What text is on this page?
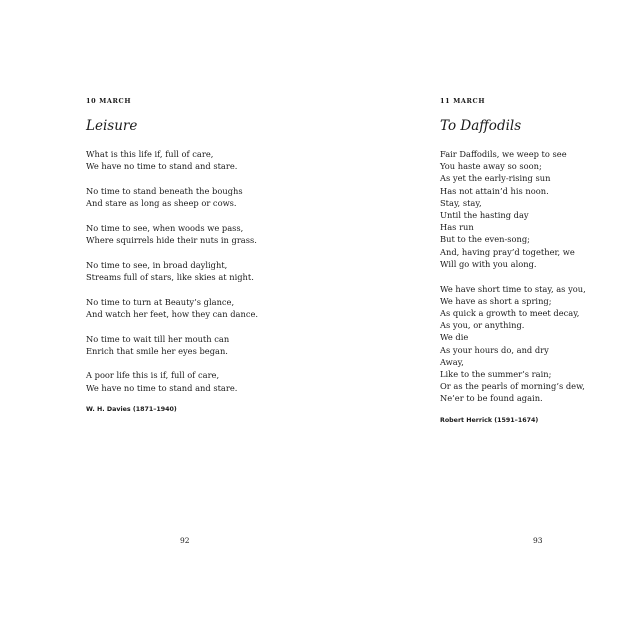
10 MARCH

Leisure
What is this life if, full of care,
We have no time to stand and stare.
No time to stand beneath the boughs
And stare as long as sheep or cows.
No time to see, when woods we pass,
Where squirrels hide their nuts in grass.
No time to see, in broad daylight,
Streams full of stars, like skies at night.
No time to turn at Beauty’s glance,
And watch her feet, how they can dance.
No time to wait till her mouth can
Enrich that smile her eyes began.
A poor life this is if, full of care,
We have no time to stand and stare.
W. H. Davies (1871–1940)
92

11 MARCH

To Daffodils
Fair Daffodils, we weep to see
You haste away so soon;
As yet the early-rising sun
Has not attain’d his noon.
Stay, stay,
Until the hasting day
Has run
But to the even-song;
And, having pray’d together, we
Will go with you along.
We have short time to stay, as you,
We have as short a spring;
As quick a growth to meet decay,
As you, or anything.
We die
As your hours do, and dry
Away,
Like to the summer’s rain;
Or as the pearls of morning’s dew,
Ne’er to be found again.
Robert Herrick (1591–1674)
93
